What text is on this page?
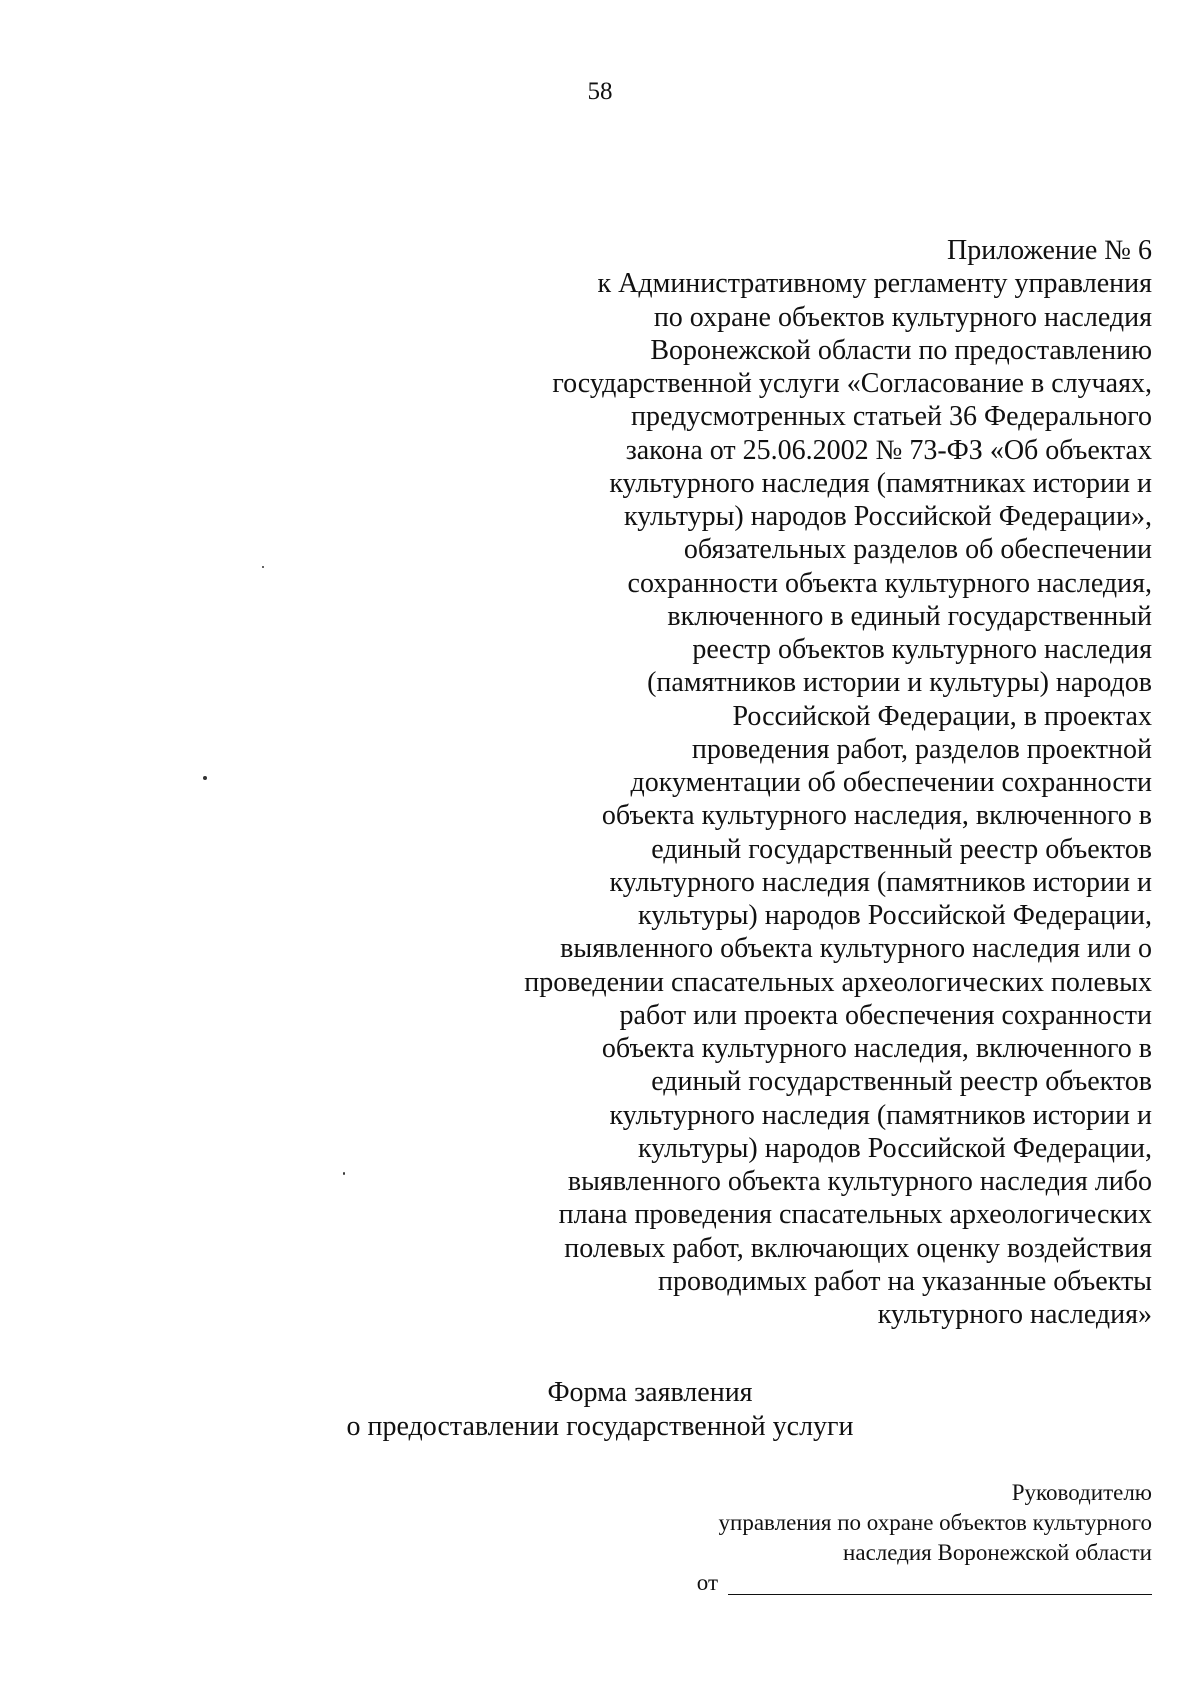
58
Приложение № 6
к Административному регламенту управления
по охране объектов культурного наследия
Воронежской области по предоставлению
государственной услуги «Согласование в случаях,
предусмотренных статьей 36 Федерального
закона от 25.06.2002 № 73-ФЗ «Об объектах
культурного наследия (памятниках истории и
культуры) народов Российской Федерации»,
обязательных разделов об обеспечении
сохранности объекта культурного наследия,
включенного в единый государственный
реестр объектов культурного наследия
(памятников истории и культуры) народов
Российской Федерации, в проектах
проведения работ, разделов проектной
документации об обеспечении сохранности
объекта культурного наследия, включенного в
единый государственный реестр объектов
культурного наследия (памятников истории и
культуры) народов Российской Федерации,
выявленного объекта культурного наследия или о
проведении спасательных археологических полевых
работ или проекта обеспечения сохранности
объекта культурного наследия, включенного в
единый государственный реестр объектов
культурного наследия (памятников истории и
культуры) народов Российской Федерации,
выявленного объекта культурного наследия либо
плана проведения спасательных археологических
полевых работ, включающих оценку воздействия
проводимых работ на указанные объекты
культурного наследия»
Форма заявления
о предоставлении государственной услуги
Руководителю
управления по охране объектов культурного
наследия Воронежской области
от
